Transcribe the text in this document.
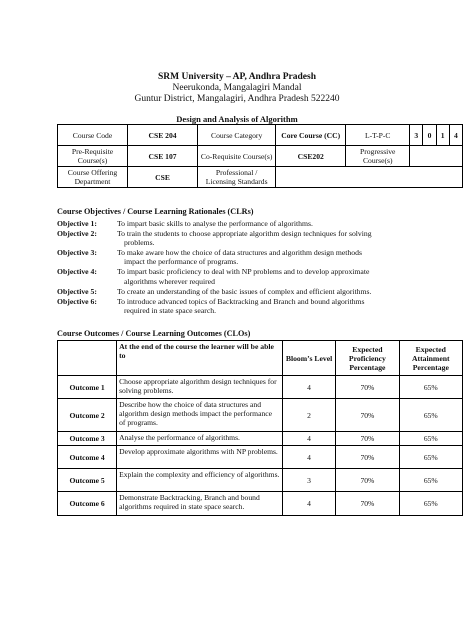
SRM University – AP, Andhra Pradesh
Neerukonda, Mangalagiri Mandal
Guntur District, Mangalagiri, Andhra Pradesh 522240
Design and Analysis of Algorithm
Course Code	CSE 204	Course Category	Core Course (CC)	L-T-P-C	3	0	1	4
Pre-Requisite Course(s)	CSE 107	Co-Requisite Course(s)	CSE202	Progressive Course(s)				
Course Offering Department	CSE	Professional / Licensing Standards						
Course Objectives / Course Learning Rationales (CLRs)
Objective 1:	To impart basic skills to analyse the performance of algorithms.
Objective 2:	To train the students to choose appropriate algorithm design techniques for solving
problems.
Objective 3:	To make aware how the choice of data structures and algorithm design methods
impact the performance of programs.
Objective 4:	To impart basic proficiency to deal with NP problems and to develop approximate
algorithms wherever required
Objective 5:	To create an understanding of the basic issues of complex and efficient algorithms.
Objective 6:	To introduce advanced topics of Backtracking and Branch and bound algorithms
required in state space search.
Course Outcomes / Course Learning Outcomes (CLOs)
	At the end of the course the learner will be able to	Bloom’s Level	Expected Proficiency Percentage	Expected Attainment Percentage
Outcome 1	Choose appropriate algorithm design techniques for solving problems.	4	70%	65%
Outcome 2	Describe how the choice of data structures and algorithm design methods impact the performance of programs.	2	70%	65%
Outcome 3	Analyse the performance of algorithms.	4	70%	65%
Outcome 4	Develop approximate algorithms with NP problems.	4	70%	65%
Outcome 5	Explain the complexity and efficiency of algorithms.	3	70%	65%
Outcome 6	Demonstrate Backtracking, Branch and bound algorithms required in state space search.	4	70%	65%
